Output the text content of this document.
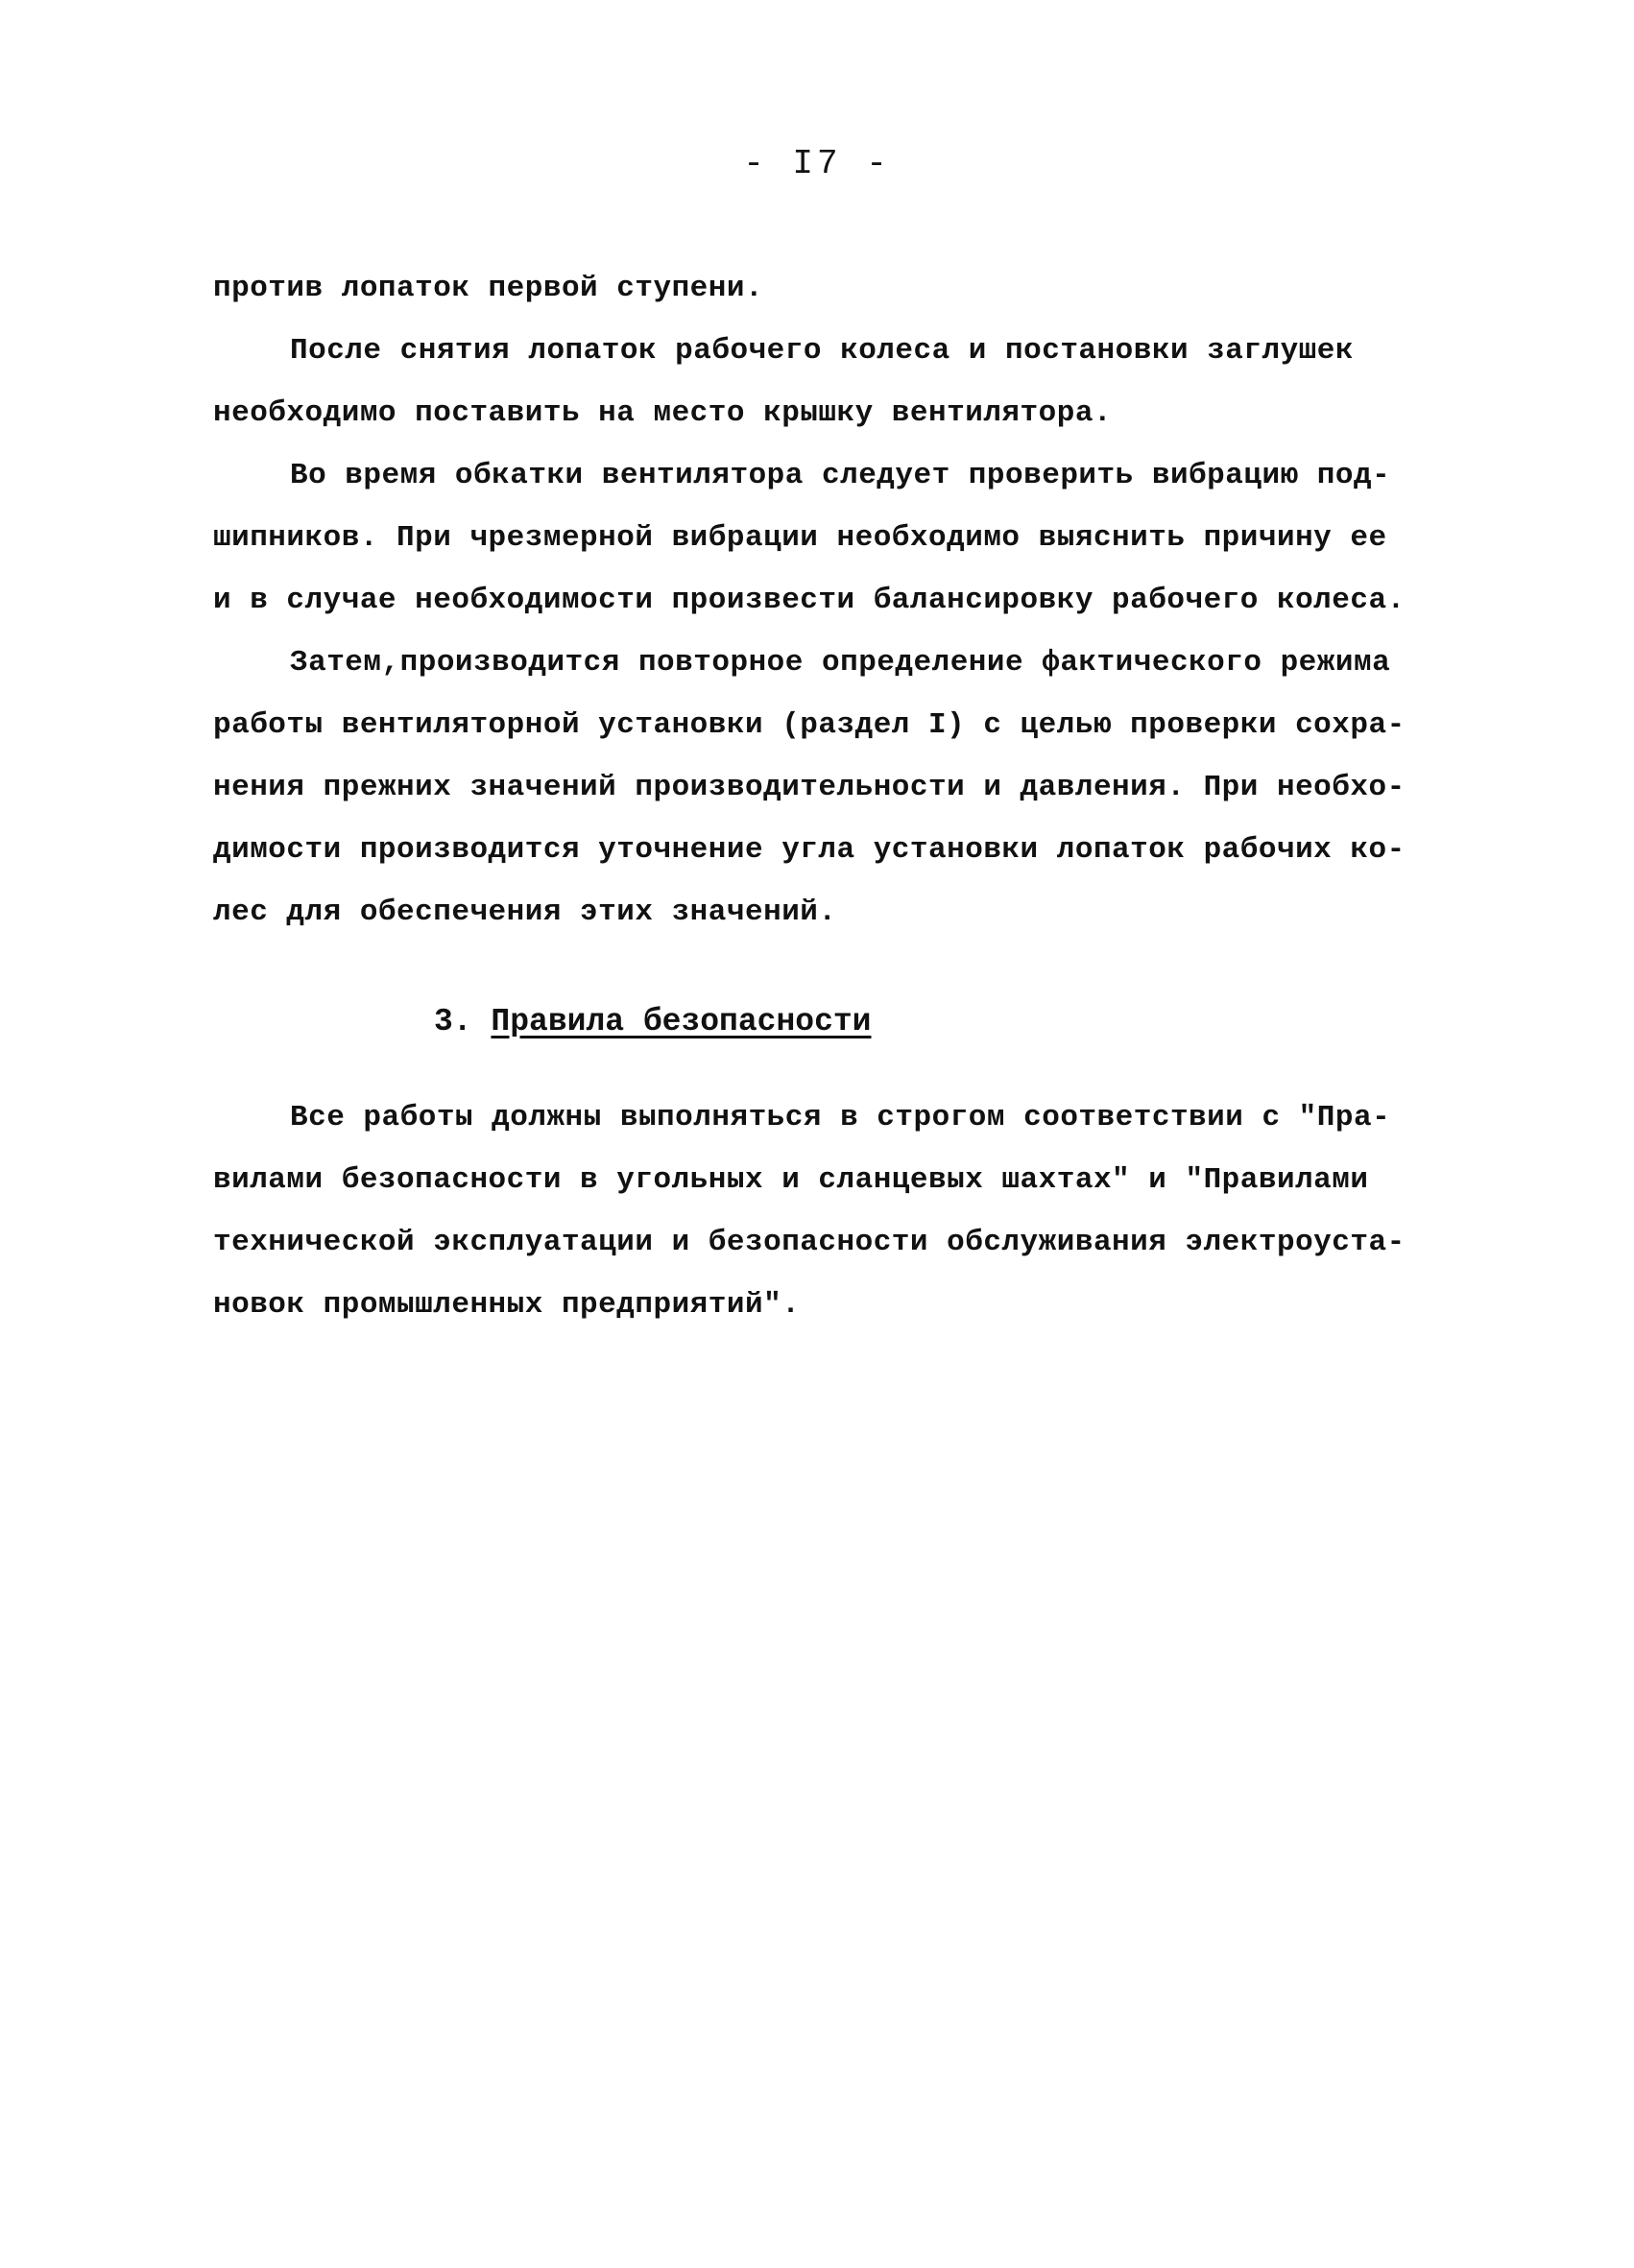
- I7 -

против лопаток первой ступени.

После снятия лопаток рабочего колеса и постановки заглушек

необходимо поставить на место крышку вентилятора.

Во время обкатки вентилятора следует проверить вибрацию под-

шипников. При чрезмерной вибрации необходимо выяснить причину ее

и в случае необходимости произвести балансировку рабочего колеса.

Затем,производится повторное определение фактического режима

работы вентиляторной установки (раздел I) с целью проверки сохра-

нения прежних значений производительности и давления. При необхо-

димости производится уточнение угла установки лопаток рабочих ко-

лес для обеспечения этих значений.

3. Правила безопасности

Все работы должны выполняться в строгом соответствии с "Пра-

вилами безопасности в угольных и сланцевых шахтах" и "Правилами

технической эксплуатации и безопасности обслуживания электроуста-

новок промышленных предприятий".
